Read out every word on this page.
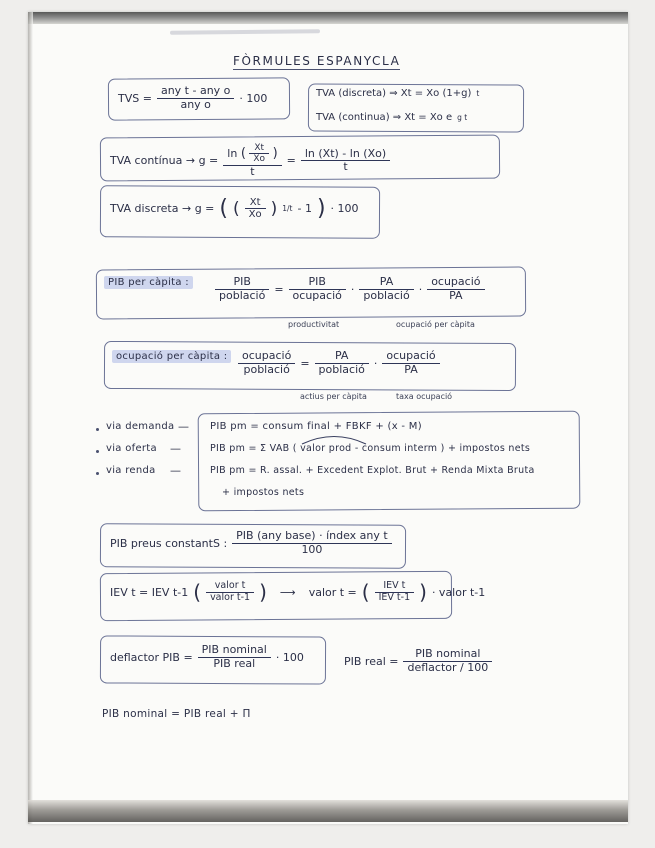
FÒRMULES ESPANYCLA
TVS = $\frac{\text{any t - any o}}{\text{any o}} \cdot 100$	TVA (discreta) ⇒ Xt = Xo (1+g) t
TVA (continua) ⇒ Xt = Xo e g t
TVA contínua → g =
ln ( $\frac{Xt}{Xo}$ )
t
= $\frac{\ln (Xt) - \ln (Xo)}{t}$
TVA discreta → g = ( ( $\frac{Xt}{Xo}$ ) 1/t - 1 ) · 100
PIB per càpita :	$\frac{\text{PIB}}{\text{població}} = \frac{\text{PIB}}{\text{ocupació}} \cdot \frac{PA}{\text{població}} \cdot \frac{\text{ocupació}}{PA}$
productivitat	ocupació per càpita
ocupació per càpita : $\frac{\text{ocupació}}{\text{població}} = \frac{PA}{\text{població}} \cdot \frac{\text{ocupació}}{PA}$
actius per càpita	taxa ocupació
via demanda
via oferta
via renda
—
—
—
PIB pm = consum final + FBKF + (x - M)
PIB pm = Σ VAB ( valor prod - consum interm ) + impostos nets
PIB pm = R. assal. + Excedent Explot. Brut + Renda Mixta Bruta
+ impostos nets
PIB preus constantS : $\frac{\text{PIB (any base) · índex any t}}{100}$
IEV t = IEV t-1 ( $\frac{\text{valor t}}{\text{valor t-1}}$ )	⟶	valor t = ( $\frac{\text{IEV t}}{\text{IEV t-1}}$ ) · valor t-1
deflactor PIB = $\frac{\text{PIB nominal}}{\text{PIB real}} \cdot 100$	PIB real = $\frac{\text{PIB nominal}}{\text{deflactor / 100}}$
PIB nominal = PIB real + Π
